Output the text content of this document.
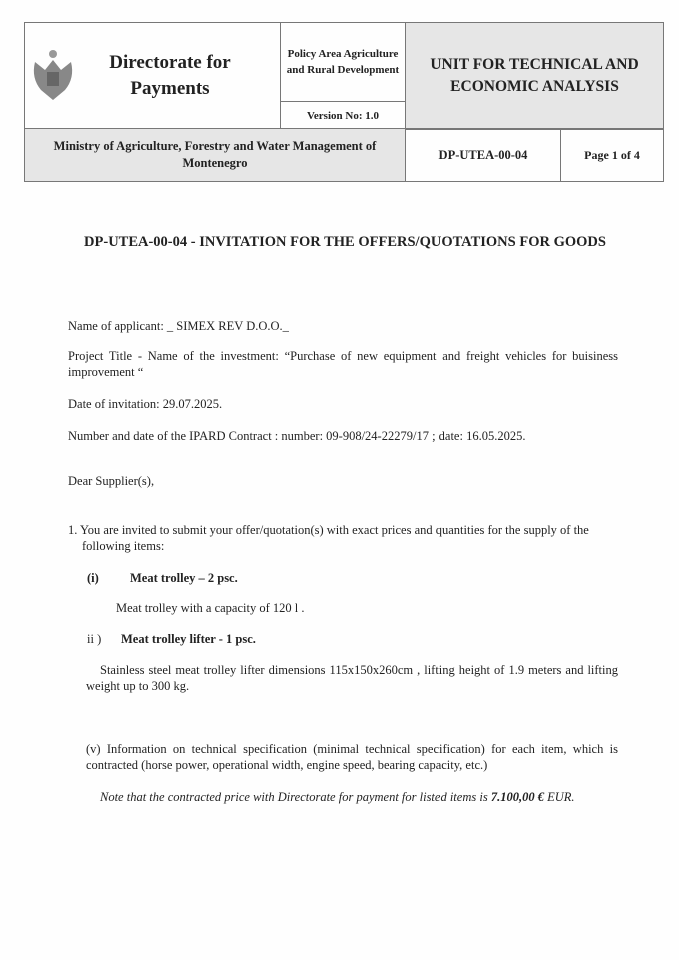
Directorate for Payments
	Policy Area Agriculture and Rural Development	UNIT FOR TECHNICAL AND ECONOMIC ANALYSIS
Version No: 1.0
Ministry of Agriculture, Forestry and Water Management of Montenegro	DP-UTEA-00-04	Page 1 of 4
DP-UTEA-00-04 - INVITATION FOR THE OFFERS/QUOTATIONS FOR GOODS
Name of applicant: _ SIMEX REV D.O.O._
Project Title - Name of the investment: “Purchase of new equipment and freight vehicles for buisiness improvement “
Date of invitation: 29.07.2025.
Number and date of the IPARD Contract : number: 09-908/24-22279/17 ; date: 16.05.2025.
Dear Supplier(s),
1. You are invited to submit your offer/quotation(s) with exact prices and quantities for the supply of the following items:
(i) Meat trolley – 2 psc.
Meat trolley with a capacity of 120 l .
ii ) Meat trolley lifter - 1 psc.
Stainless steel meat trolley lifter dimensions 115x150x260cm , lifting height of 1.9 meters and lifting weight up to 300 kg.
(v) Information on technical specification (minimal technical specification) for each item, which is contracted (horse power, operational width, engine speed, bearing capacity, etc.)
Note that the contracted price with Directorate for payment for listed items is 7.100,00 € EUR.
